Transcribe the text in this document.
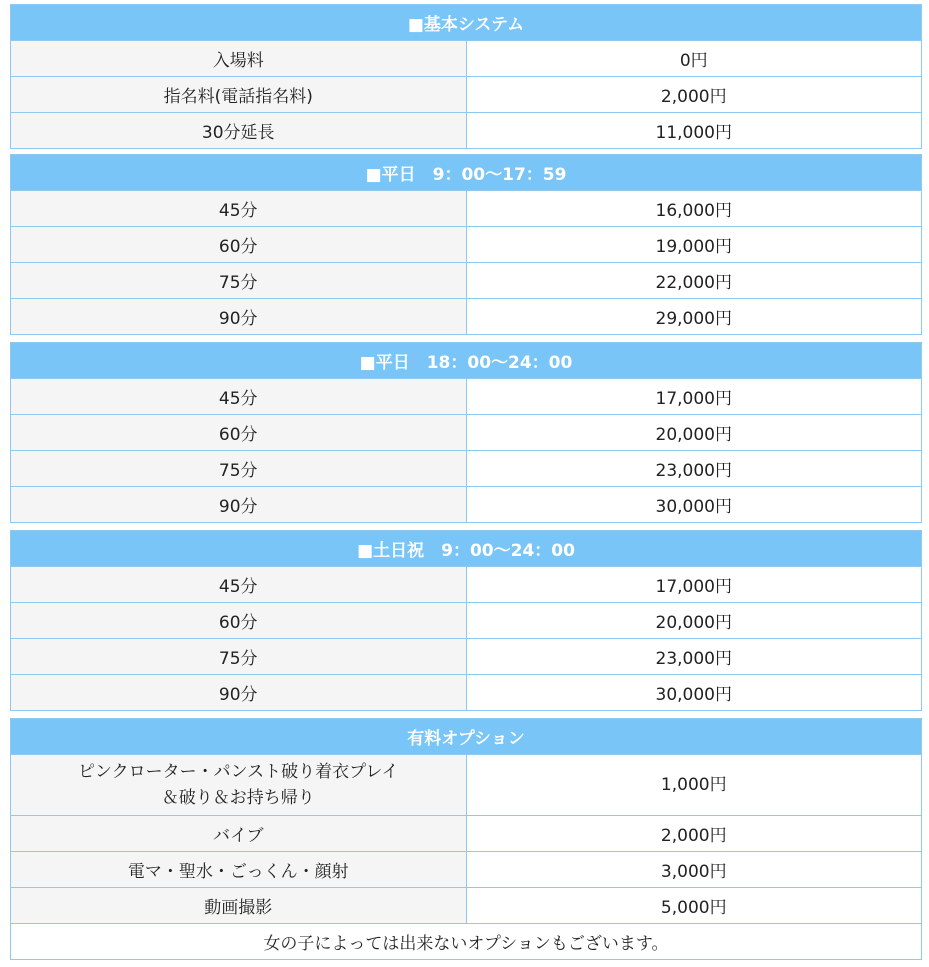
■基本システム	
入場料	0円
指名料(電話指名料)	2,000円
30分延長	11,000円
■平日　9：00〜17：59	
45分	16,000円
60分	19,000円
75分	22,000円
90分	29,000円
■平日　18：00〜24：00	
45分	17,000円
60分	20,000円
75分	23,000円
90分	30,000円
■土日祝　9：00〜24：00	
45分	17,000円
60分	20,000円
75分	23,000円
90分	30,000円
有料オプション	
ピンクローター・パンスト破り着衣プレイ
＆破り＆お持ち帰り	1,000円
バイブ	2,000円
電マ・聖水・ごっくん・顔射	3,000円
動画撮影	5,000円
女の子によっては出来ないオプションもございます。	
